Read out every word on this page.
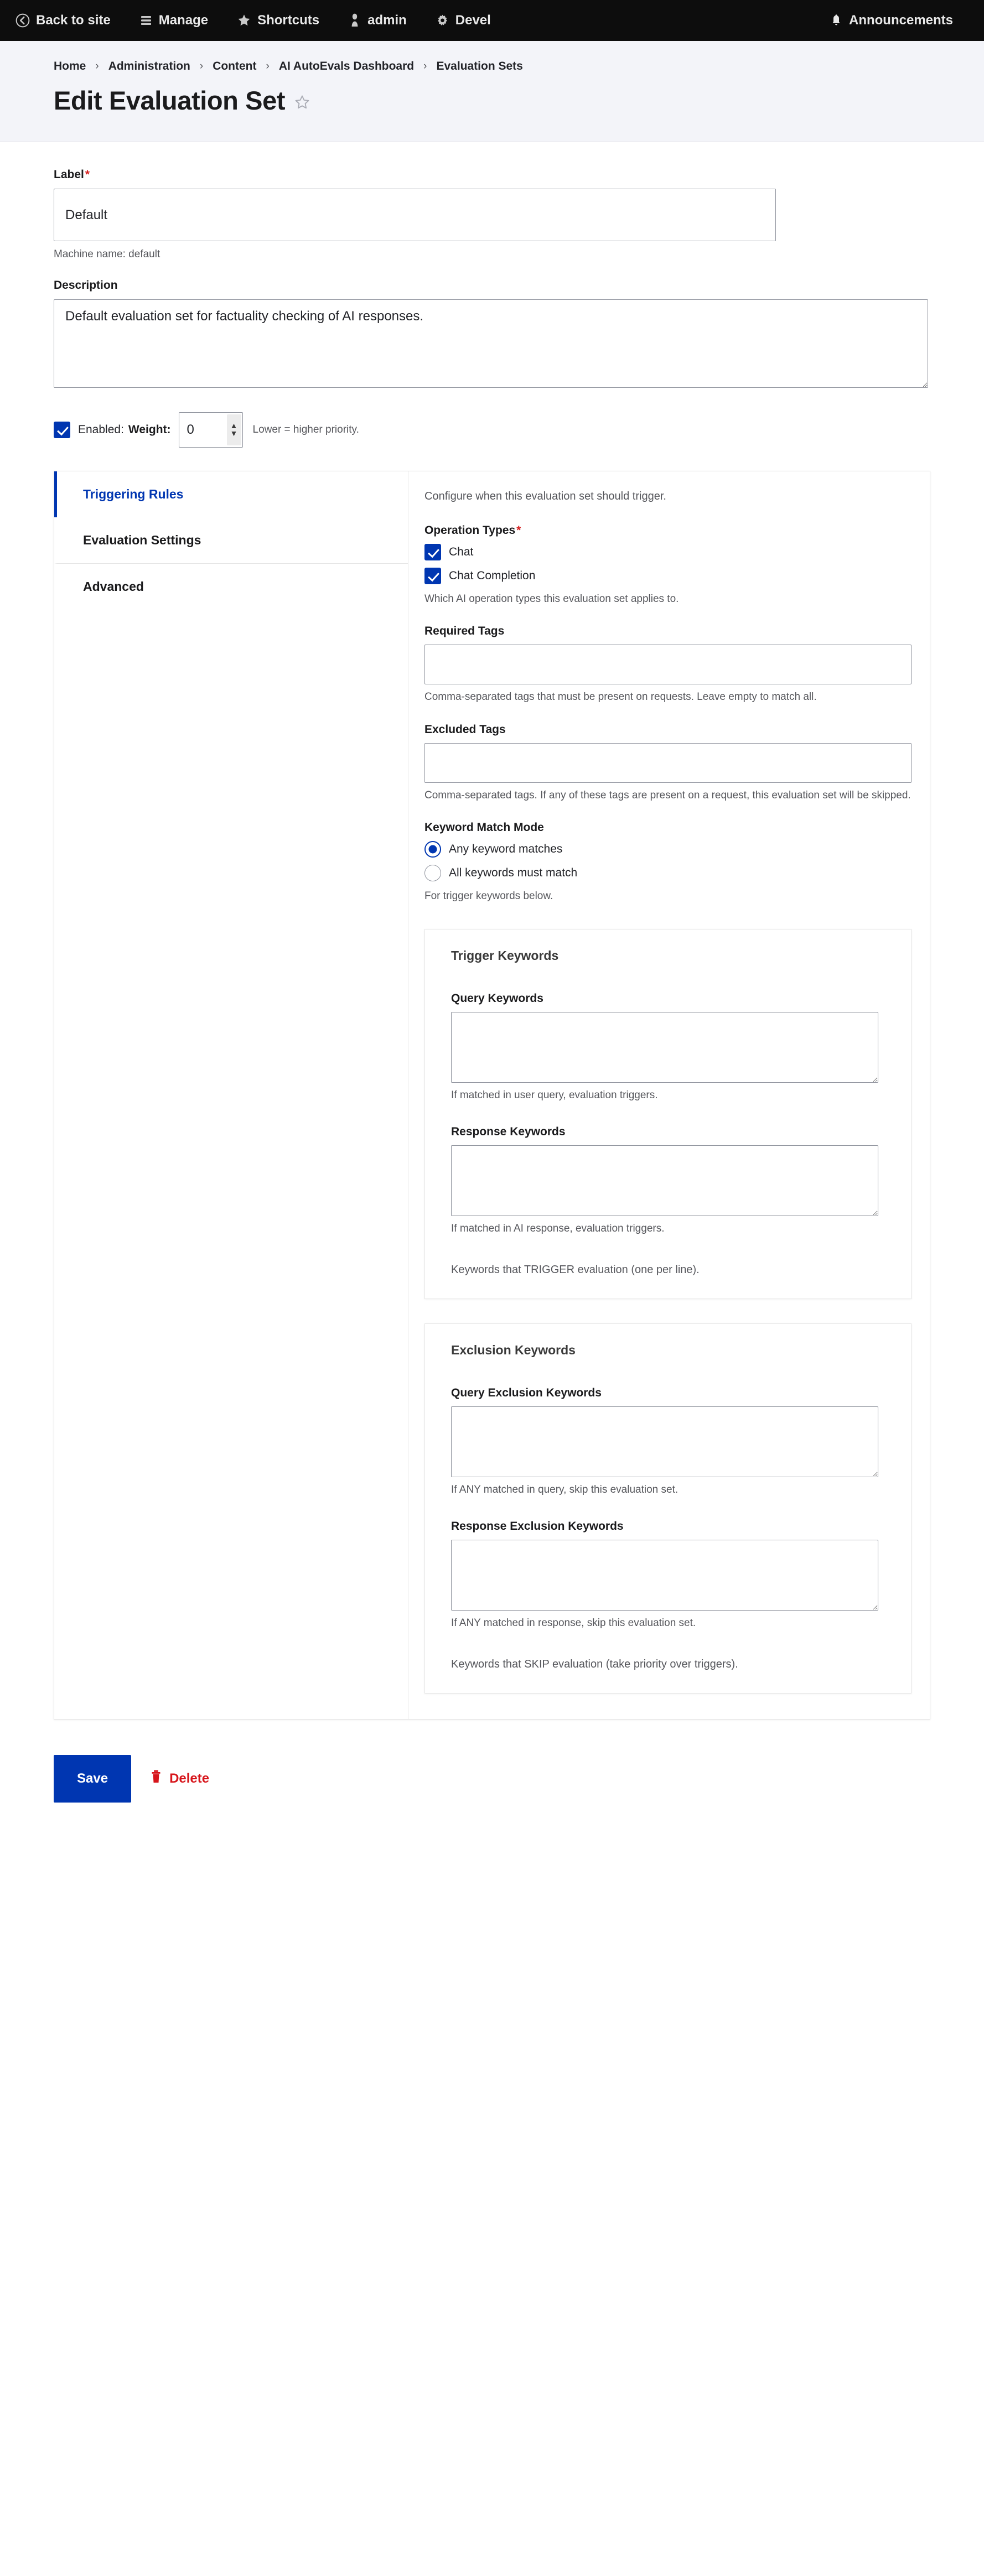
Back to site	Manage	Shortcuts	admin	Devel	Announcements
Home › Administration › Content › AI AutoEvals Dashboard › Evaluation Sets
Edit Evaluation Set
Label*
Default
Machine name: default
Description
Default evaluation set for factuality checking of AI responses.
Enabled: Weight:
0	▲
▼ Lower = higher priority.
Triggering Rules
Evaluation Settings
Advanced

Configure when this evaluation set should trigger.

Operation Types*
Chat
Chat Completion
Which AI operation types this evaluation set applies to.
Required Tags
Comma-separated tags that must be present on requests. Leave empty to match all.
Excluded Tags
Comma-separated tags. If any of these tags are present on a request, this evaluation set will be skipped.
Keyword Match Mode
Any keyword matches
All keywords must match
For trigger keywords below.
Trigger Keywords
Query Keywords
If matched in user query, evaluation triggers.
Response Keywords
If matched in AI response, evaluation triggers.
Keywords that TRIGGER evaluation (one per line).
Exclusion Keywords
Query Exclusion Keywords
If ANY matched in query, skip this evaluation set.
Response Exclusion Keywords
If ANY matched in response, skip this evaluation set.
Keywords that SKIP evaluation (take priority over triggers).
Save	Delete
